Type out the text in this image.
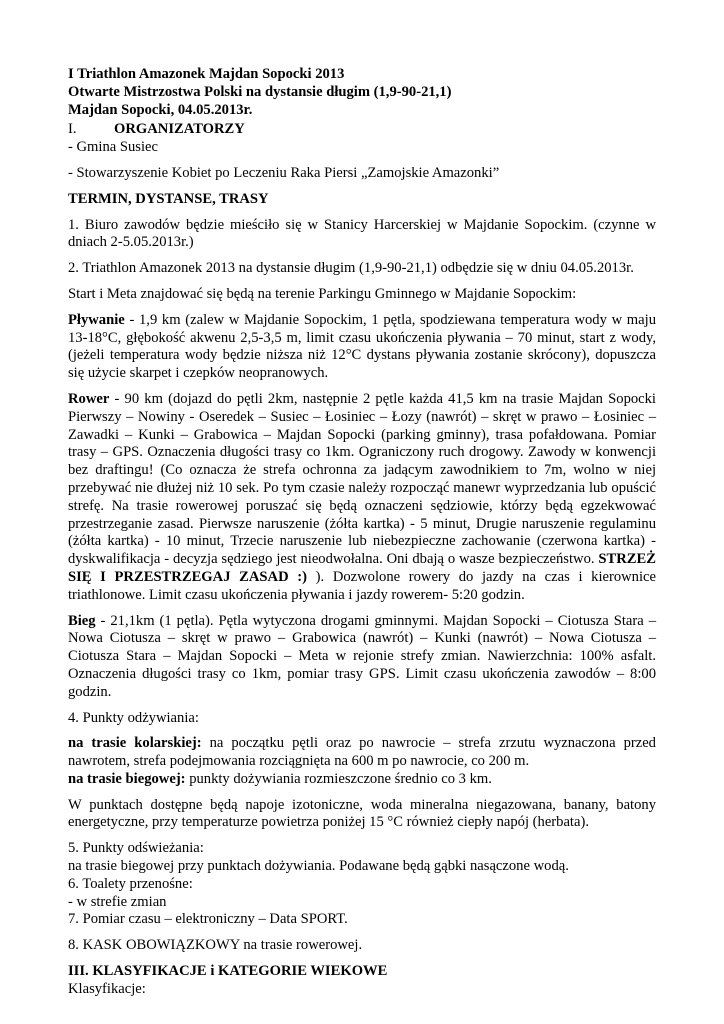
I Triathlon Amazonek Majdan Sopocki 2013

Otwarte Mistrzostwa Polski na dystansie długim (1,9-90-21,1)

Majdan Sopocki, 04.05.2013r.

I.	ORGANIZATORZY

- Gmina Susiec

- Stowarzyszenie Kobiet po Leczeniu Raka Piersi „Zamojskie Amazonki”

TERMIN, DYSTANSE, TRASY

1. Biuro zawodów będzie mieściło się w Stanicy Harcerskiej w Majdanie Sopockim. (czynne w dniach 2-5.05.2013r.)

2. Triathlon Amazonek 2013 na dystansie długim (1,9-90-21,1) odbędzie się w dniu 04.05.2013r.

Start i Meta znajdować się będą na terenie Parkingu Gminnego w Majdanie Sopockim:

Pływanie - 1,9 km (zalew w Majdanie Sopockim, 1 pętla, spodziewana temperatura wody w maju 13-18°C, głębokość akwenu 2,5-3,5 m, limit czasu ukończenia pływania – 70 minut, start z wody, (jeżeli temperatura wody będzie niższa niż 12°C dystans pływania zostanie skrócony), dopuszcza się użycie skarpet i czepków neopranowych.

Rower - 90 km (dojazd do pętli 2km, następnie 2 pętle każda 41,5 km na trasie Majdan Sopocki Pierwszy – Nowiny - Oseredek – Susiec – Łosiniec – Łozy (nawrót) – skręt w prawo – Łosiniec – Zawadki – Kunki – Grabowica – Majdan Sopocki (parking gminny), trasa pofałdowana. Pomiar trasy – GPS. Oznaczenia długości trasy co 1km. Ograniczony ruch drogowy. Zawody w konwencji bez draftingu! (Co oznacza że strefa ochronna za jadącym zawodnikiem to 7m, wolno w niej przebywać nie dłużej niż 10 sek. Po tym czasie należy rozpocząć manewr wyprzedzania lub opuścić strefę. Na trasie rowerowej poruszać się będą oznaczeni sędziowie, którzy będą egzekwować przestrzeganie zasad. Pierwsze naruszenie (żółta kartka) - 5 minut, Drugie naruszenie regulaminu (żółta kartka) - 10 minut, Trzecie naruszenie lub niebezpieczne zachowanie (czerwona kartka) - dyskwalifikacja - decyzja sędziego jest nieodwołalna. Oni dbają o wasze bezpieczeństwo. STRZEŻ SIĘ I PRZESTRZEGAJ ZASAD :) ). Dozwolone rowery do jazdy na czas i kierownice triathlonowe. Limit czasu ukończenia pływania i jazdy rowerem- 5:20 godzin.

Bieg - 21,1km (1 pętla). Pętla wytyczona drogami gminnymi. Majdan Sopocki – Ciotusza Stara – Nowa Ciotusza – skręt w prawo – Grabowica (nawrót) – Kunki (nawrót) – Nowa Ciotusza – Ciotusza Stara – Majdan Sopocki – Meta w rejonie strefy zmian. Nawierzchnia: 100% asfalt. Oznaczenia długości trasy co 1km, pomiar trasy GPS. Limit czasu ukończenia zawodów – 8:00 godzin.

4. Punkty odżywiania:

na trasie kolarskiej: na początku pętli oraz po nawrocie – strefa zrzutu wyznaczona przed nawrotem, strefa podejmowania rozciągnięta na 600 m po nawrocie, co 200 m.

na trasie biegowej: punkty dożywiania rozmieszczone średnio co 3 km.

W punktach dostępne będą napoje izotoniczne, woda mineralna niegazowana, banany, batony energetyczne, przy temperaturze powietrza poniżej 15 °C również ciepły napój (herbata).

5. Punkty odświeżania:

na trasie biegowej przy punktach dożywiania. Podawane będą gąbki nasączone wodą.

6. Toalety przenośne:

- w strefie zmian

7. Pomiar czasu – elektroniczny – Data SPORT.

8. KASK OBOWIĄZKOWY na trasie rowerowej.

III. KLASYFIKACJE i KATEGORIE WIEKOWE

Klasyfikacje:
